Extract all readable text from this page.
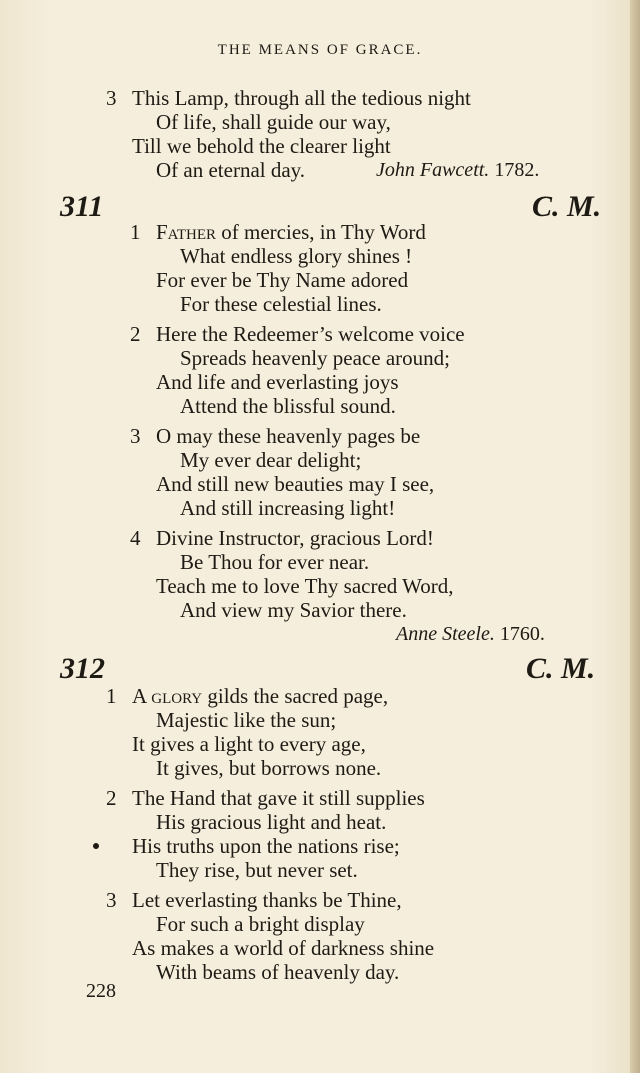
THE MEANS OF GRACE.
3 This Lamp, through all the tedious night
Of life, shall guide our way,
Till we behold the clearer light
Of an eternal day.	John Fawcett. 1782.
311	C. M.
1 Father of mercies, in Thy Word
What endless glory shines !
For ever be Thy Name adored
For these celestial lines.
2 Here the Redeemer’s welcome voice
Spreads heavenly peace around;
And life and everlasting joys
Attend the blissful sound.
3 O may these heavenly pages be
My ever dear delight;
And still new beauties may I see,
And still increasing light!
4 Divine Instructor, gracious Lord!
Be Thou for ever near.
Teach me to love Thy sacred Word,
And view my Savior there.
Anne Steele. 1760.
312	C. M.
1 A glory gilds the sacred page,
Majestic like the sun;
It gives a light to every age,
It gives, but borrows none.
2 The Hand that gave it still supplies
His gracious light and heat.
His truths upon the nations rise;
They rise, but never set.
3 Let everlasting thanks be Thine,
For such a bright display
As makes a world of darkness shine
With beams of heavenly day.
228
